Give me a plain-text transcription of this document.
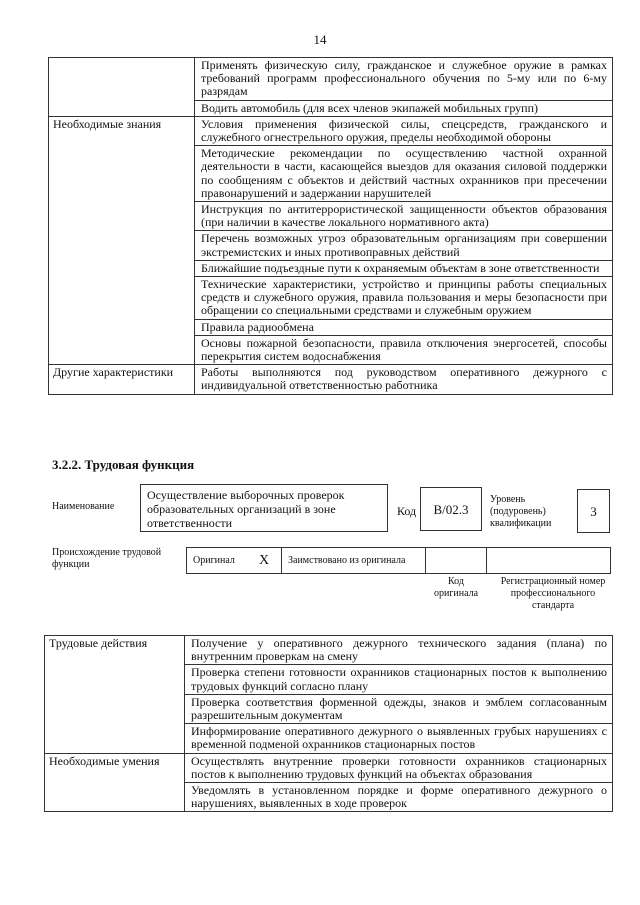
14
	Применять физическую силу, гражданское и служебное оружие в рамках требований программ профессионального обучения по 5-му или по 6-му разрядам
	Водить автомобиль (для всех членов экипажей мобильных групп)
Необходимые знания	Условия применения физической силы, спецсредств, гражданского и служебного огнестрельного оружия, пределы необходимой обороны
	Методические рекомендации по осуществлению частной охранной деятельности в части, касающейся выездов для оказания силовой поддержки по сообщениям с объектов и действий частных охранников при пресечении правонарушений и задержании нарушителей
	Инструкция по антитеррористической защищенности объектов образования (при наличии в качестве локального нормативного акта)
	Перечень возможных угроз образовательным организациям при совершении экстремистских и иных противоправных действий
	Ближайшие подъездные пути к охраняемым объектам в зоне ответственности
	Технические характеристики, устройство и принципы работы специальных средств и служебного оружия, правила пользования и меры безопасности при обращении со специальными средствами и служебным оружием
	Правила радиообмена
	Основы пожарной безопасности, правила отключения энергосетей, способы перекрытия систем водоснабжения
Другие характеристики	Работы выполняются под руководством оперативного дежурного с индивидуальной ответственностью работника
3.2.2. Трудовая функция
Наименование
Осуществление выборочных проверок образовательных организаций в зоне ответственности
Код	B/02.3
Уровень (подуровень) квалификации
3
Происхождение трудовой функции	Оригинал X	Заимствовано из оригинала
Код оригинала
Регистрационный номер профессионального стандарта
Трудовые действия	Получение у оперативного дежурного технического задания (плана) по внутренним проверкам на смену
	Проверка степени готовности охранников стационарных постов к выполнению трудовых функций согласно плану
	Проверка соответствия форменной одежды, знаков и эмблем согласованным разрешительным документам
	Информирование оперативного дежурного о выявленных грубых нарушениях с временной подменой охранников стационарных постов
Необходимые умения	Осуществлять внутренние проверки готовности охранников стационарных постов к выполнению трудовых функций на объектах образования
	Уведомлять в установленном порядке и форме оперативного дежурного о нарушениях, выявленных в ходе проверок
